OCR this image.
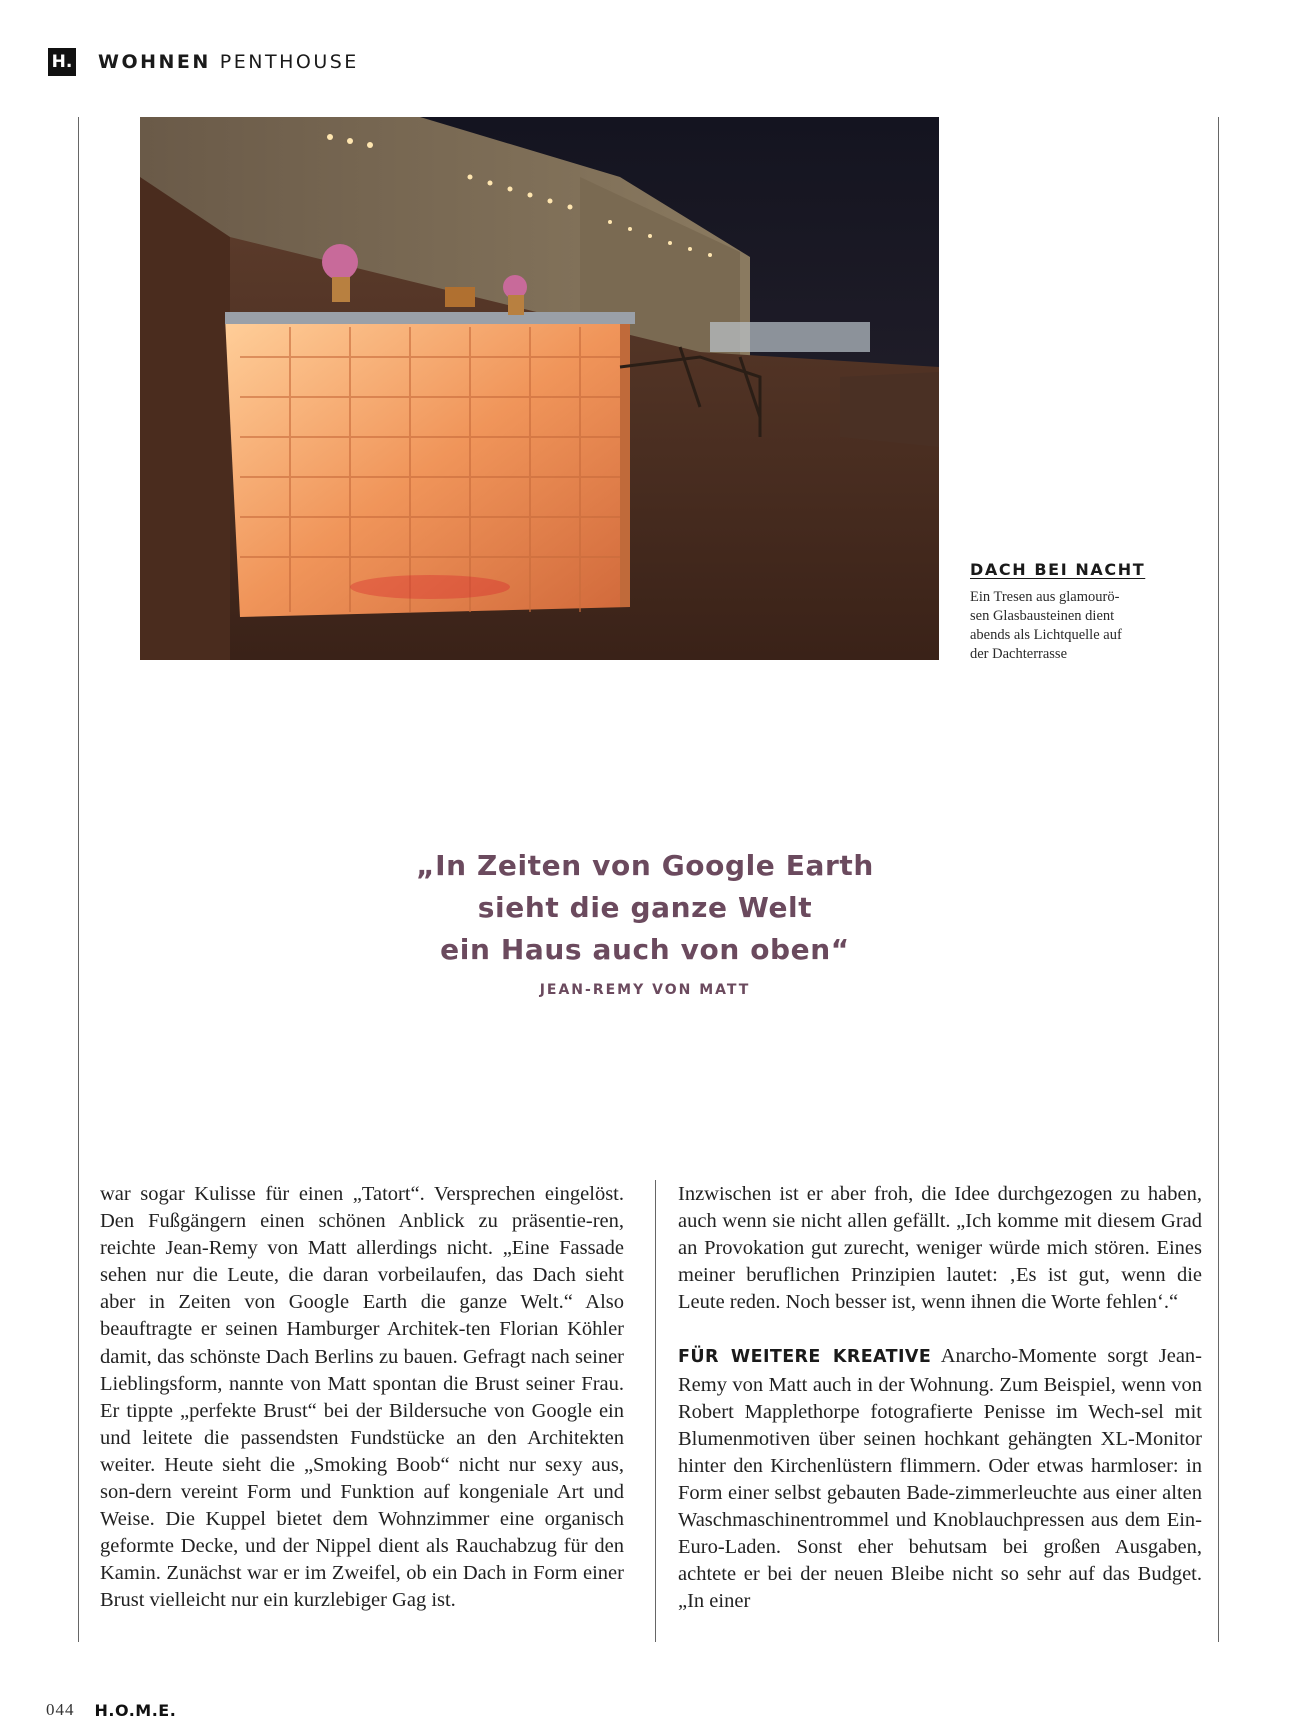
H. WOHNEN PENTHOUSE
DACH BEI NACHT
Ein Tresen aus glamourö-
sen Glasbausteinen dient
abends als Lichtquelle auf
der Dachterrasse
„In Zeiten von Google Earth
sieht die ganze Welt
ein Haus auch von oben“
JEAN-REMY VON MATT

war sogar Kulisse für einen „Tatort“. Versprechen eingelöst. Den Fußgängern einen schönen Anblick zu präsentie-ren, reichte Jean-Remy von Matt allerdings nicht. „Eine Fassade sehen nur die Leute, die daran vorbeilaufen, das Dach sieht aber in Zeiten von Google Earth die ganze Welt.“ Also beauftragte er seinen Hamburger Architek-ten Florian Köhler damit, das schönste Dach Berlins zu bauen. Gefragt nach seiner Lieblingsform, nannte von Matt spontan die Brust seiner Frau. Er tippte „perfekte Brust“ bei der Bildersuche von Google ein und leitete die passendsten Fundstücke an den Architekten weiter. Heute sieht die „Smoking Boob“ nicht nur sexy aus, son-dern vereint Form und Funktion auf kongeniale Art und Weise. Die Kuppel bietet dem Wohnzimmer eine organisch geformte Decke, und der Nippel dient als Rauchabzug für den Kamin. Zunächst war er im Zweifel, ob ein Dach in Form einer Brust vielleicht nur ein kurzlebiger Gag ist.

Inzwischen ist er aber froh, die Idee durchgezogen zu haben, auch wenn sie nicht allen gefällt. „Ich komme mit diesem Grad an Provokation gut zurecht, weniger würde mich stören. Eines meiner beruflichen Prinzipien lautet: ‚Es ist gut, wenn die Leute reden. Noch besser ist, wenn ihnen die Worte fehlen‘.“

FÜR WEITERE KREATIVE Anarcho-Momente sorgt Jean-Remy von Matt auch in der Wohnung. Zum Beispiel, wenn von Robert Mapplethorpe fotografierte Penisse im Wech-sel mit Blumenmotiven über seinen hochkant gehängten XL-Monitor hinter den Kirchenlüstern flimmern. Oder etwas harmloser: in Form einer selbst gebauten Bade-zimmerleuchte aus einer alten Waschmaschinentrommel und Knoblauchpressen aus dem Ein-Euro-Laden. Sonst eher behutsam bei großen Ausgaben, achtete er bei der neuen Bleibe nicht so sehr auf das Budget. „In einer

044 H.O.M.E.
